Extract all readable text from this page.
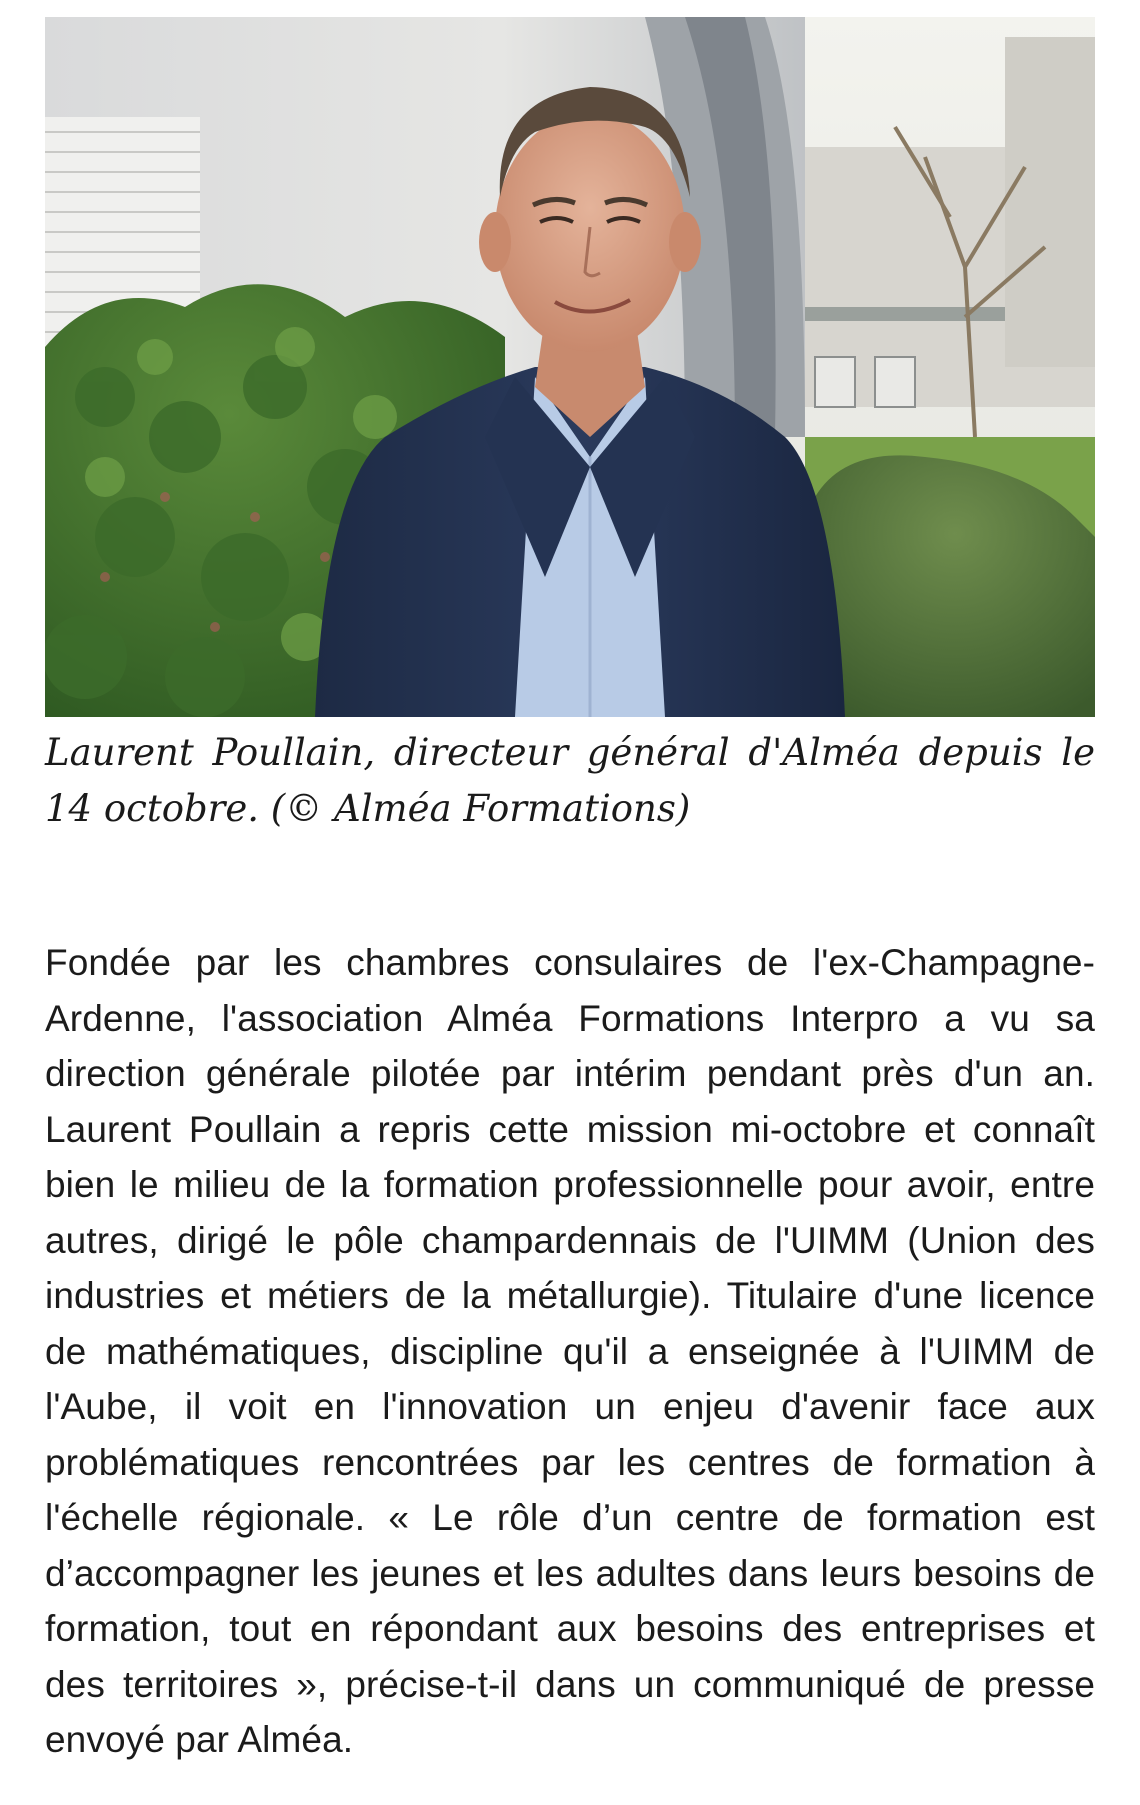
Laurent Poullain, directeur général d'Alméa depuis le 14 octobre. (© Alméa Formations)

Fondée par les chambres consulaires de l'ex-Champagne-Ardenne, l'association Alméa Formations Interpro a vu sa direction générale pilotée par intérim pendant près d'un an. Laurent Poullain a repris cette mission mi-octobre et connaît bien le milieu de la formation professionnelle pour avoir, entre autres, dirigé le pôle champardennais de l'UIMM (Union des industries et métiers de la métallurgie). Titulaire d'une licence de mathématiques, discipline qu'il a enseignée à l'UIMM de l'Aube, il voit en l'innovation un enjeu d'avenir face aux problématiques rencontrées par les centres de formation à l'échelle régionale. « Le rôle d’un centre de formation est d’accompagner les jeunes et les adultes dans leurs besoins de formation, tout en répondant aux besoins des entreprises et des territoires », précise-t-il dans un communiqué de presse envoyé par Alméa.
